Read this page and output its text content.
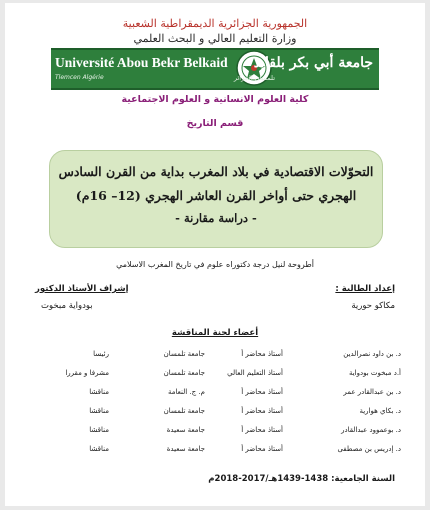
الجمهورية الجزائرية الديمقراطية الشعبية
وزارة التعليم العالي و البحث العلمي
Université Abou Bekr Belkaid
Tlemcen Algérie
جامعة أبي بكر بلقايد
تلمسان الجزائر
كلية العلوم الانسانية و العلوم الاجتماعية
قسم التاريخ
التحوّلات الاقتصادية في بلاد المغرب بداية من القرن السادس
الهجري حتى أواخر القرن العاشر الهجري (12– 16م)
- دراسة مقارنة -
أطروحة لنيل درجة دكتوراه علوم في تاريخ المغرب الاسلامي
إعداد الطالبة :
مكاكو حورية
إشراف الأستاذ الدكتور
بودواية مبخوت
أعضاء لجنة المناقشة
د. بن داود نصرالدين
أستاذ محاضر أ
جامعة تلمسان
رئيسا
أ.د مبخوت بودواية
أستاذ التعليم العالي
جامعة تلمسان
مشرفا و مقررا
د. بن عبدالقادر عمر
أستاذ محاضر أ
م. ج. النعامة
مناقشا
د. بكاي هوارية
أستاذ محاضر أ
جامعة تلمسان
مناقشا
د. بوعموود عبدالقادر
أستاذ محاضر أ
جامعة سعيدة
مناقشا
د. إدريس بن مصطفى
أستاذ محاضر أ
جامعة سعيدة
مناقشا
السنة الجامعية: 1438-1439هـ/2017-2018م
